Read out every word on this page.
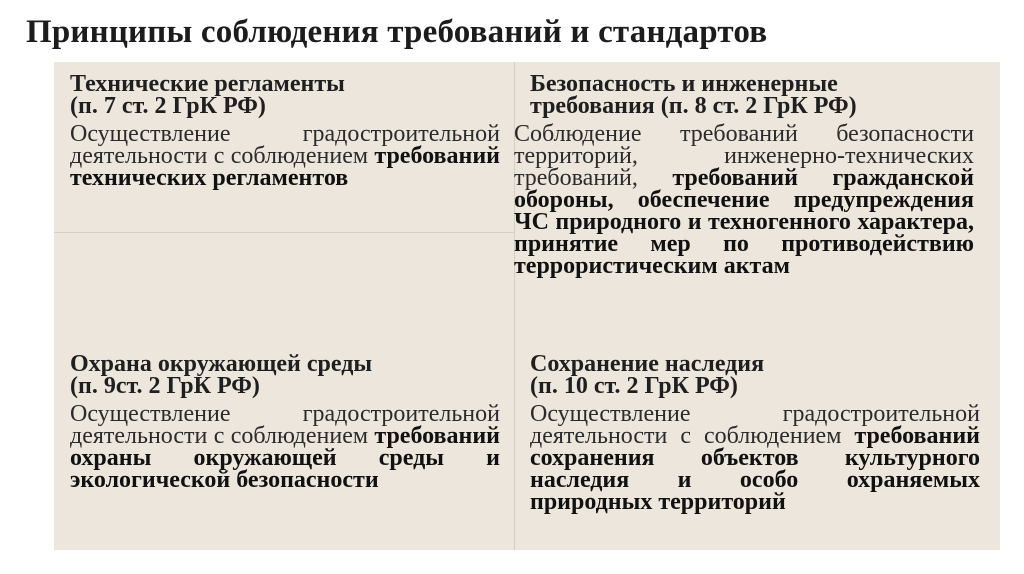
Принципы соблюдения требований и стандартов
Технические регламенты
(п. 7 ст. 2 ГрК РФ)
Осуществление градостроительной деятельности с соблюдением требований технических регламентов
Безопасность и инженерные
требования (п. 8 ст. 2 ГрК РФ)
Соблюдение требований безопасности территорий, инженерно-технических требований, требований гражданской обороны, обеспечение предупреждения ЧС природного и техногенного характера, принятие мер по противодействию террористическим актам
Охрана окружающей среды
(п. 9ст. 2 ГрК РФ)
Осуществление градостроительной деятельности с соблюдением требований охраны окружающей среды и экологической безопасности
Сохранение наследия
(п. 10 ст. 2 ГрК РФ)
Осуществление градостроительной деятельности с соблюдением требований сохранения объектов культурного наследия и особо охраняемых природных территорий
